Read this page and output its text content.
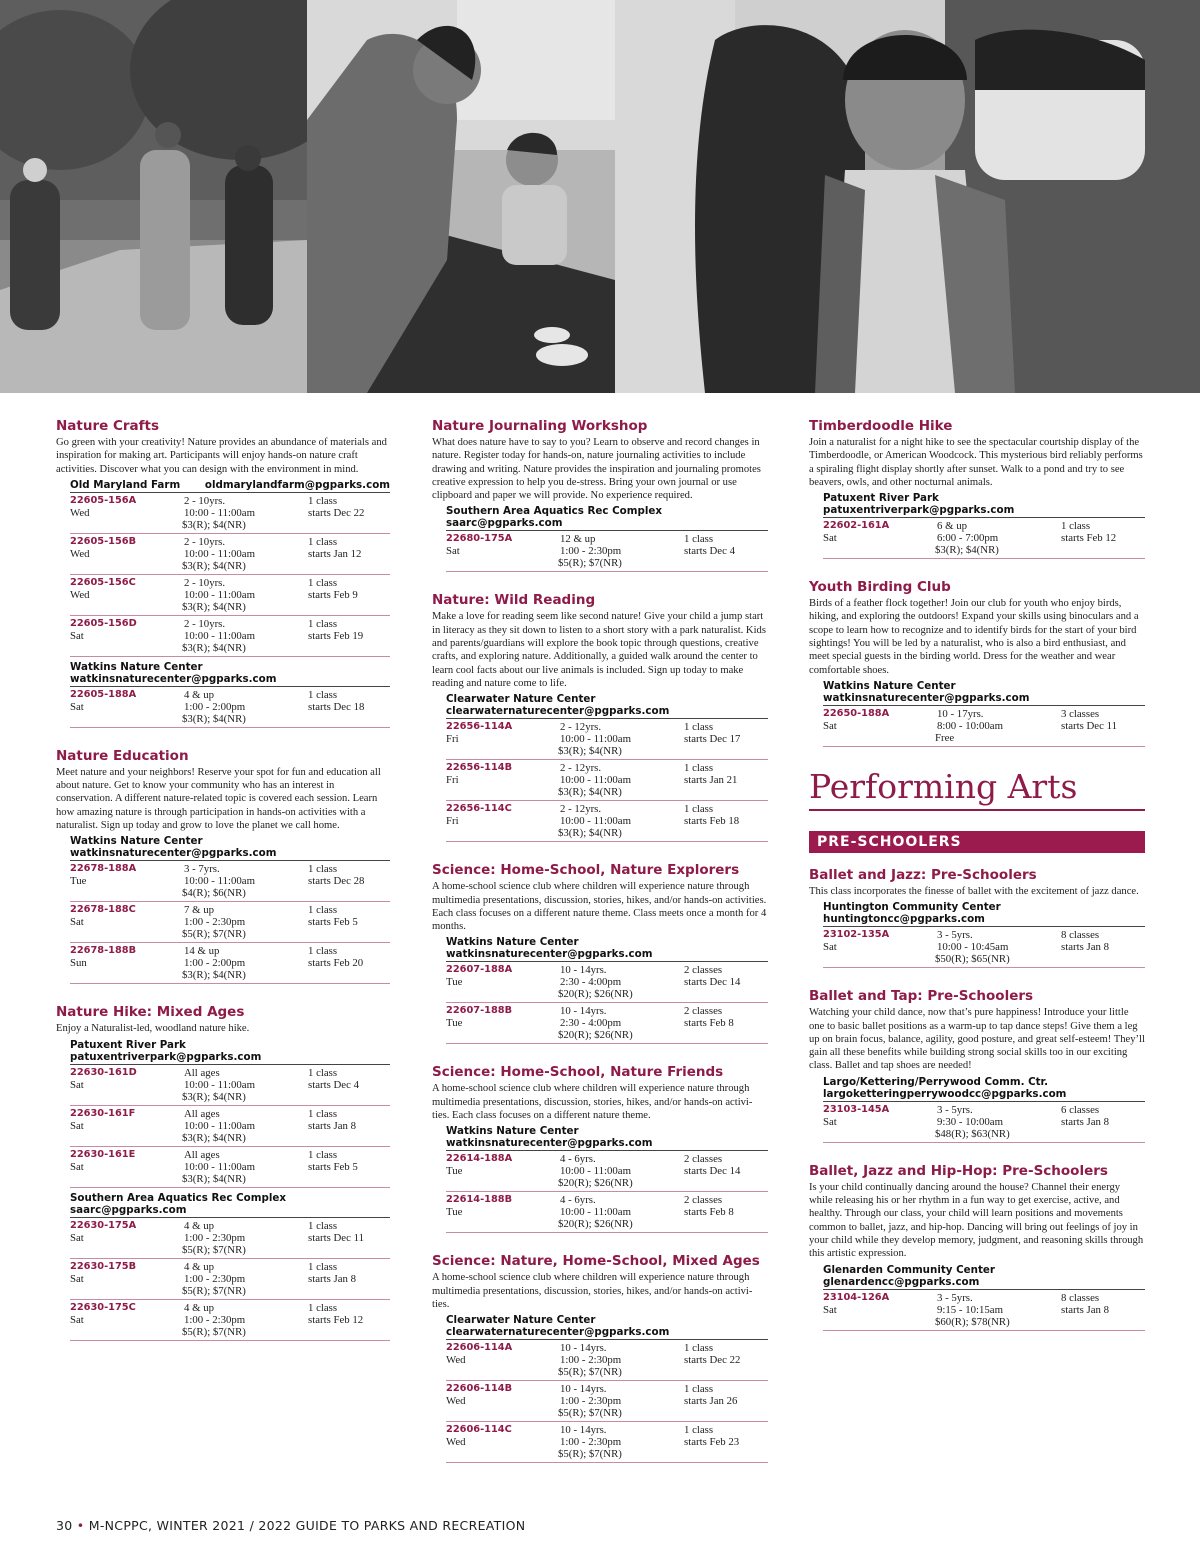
Nature Crafts
Go green with your creativity! Nature provides an abundance of materials and inspiration for making art. Participants will enjoy hands-on nature craft activities. Discover what you can design with the environment in mind.
Old Maryland Farm oldmarylandfarm@pgparks.com
22605-156A	2 - 10yrs.	1 class
Wed	10:00 - 11:00am	starts Dec 22
$3(R); $4(NR)
22605-156B	2 - 10yrs.	1 class
Wed	10:00 - 11:00am	starts Jan 12
$3(R); $4(NR)
22605-156C	2 - 10yrs.	1 class
Wed	10:00 - 11:00am	starts Feb 9
$3(R); $4(NR)
22605-156D	2 - 10yrs.	1 class
Sat	10:00 - 11:00am	starts Feb 19
$3(R); $4(NR)
Watkins Nature Center
watkinsnaturecenter@pgparks.com
22605-188A	4 & up	1 class
Sat	1:00 - 2:00pm	starts Dec 18
$3(R); $4(NR)
Nature Education
Meet nature and your neighbors! Reserve your spot for fun and education all about nature. Get to know your community who has an interest in conservation. A different nature-related topic is covered each session. Learn how amazing nature is through participation in hands-on activities with a naturalist. Sign up today and grow to love the planet we call home.
Watkins Nature Center
watkinsnaturecenter@pgparks.com
22678-188A	3 - 7yrs.	1 class
Tue	10:00 - 11:00am	starts Dec 28
$4(R); $6(NR)
22678-188C	7 & up	1 class
Sat	1:00 - 2:30pm	starts Feb 5
$5(R); $7(NR)
22678-188B	14 & up	1 class
Sun	1:00 - 2:00pm	starts Feb 20
$3(R); $4(NR)
Nature Hike: Mixed Ages
Enjoy a Naturalist-led, woodland nature hike.
Patuxent River Park
patuxentriverpark@pgparks.com
22630-161D	All ages	1 class
Sat	10:00 - 11:00am	starts Dec 4
$3(R); $4(NR)
22630-161F	All ages	1 class
Sat	10:00 - 11:00am	starts Jan 8
$3(R); $4(NR)
22630-161E	All ages	1 class
Sat	10:00 - 11:00am	starts Feb 5
$3(R); $4(NR)
Southern Area Aquatics Rec Complex
saarc@pgparks.com
22630-175A	4 & up	1 class
Sat	1:00 - 2:30pm	starts Dec 11
$5(R); $7(NR)
22630-175B	4 & up	1 class
Sat	1:00 - 2:30pm	starts Jan 8
$5(R); $7(NR)
22630-175C	4 & up	1 class
Sat	1:00 - 2:30pm	starts Feb 12
$5(R); $7(NR)
Nature Journaling Workshop
What does nature have to say to you? Learn to observe and record changes in nature. Register today for hands-on, nature journaling activities to include drawing and writing. Nature provides the inspiration and journaling promotes creative expression to help you de-stress. Bring your own journal or use clipboard and paper we will provide. No experience required.
Southern Area Aquatics Rec Complex
saarc@pgparks.com
22680-175A	12 & up	1 class
Sat	1:00 - 2:30pm	starts Dec 4
$5(R); $7(NR)
Nature: Wild Reading
Make a love for reading seem like second nature! Give your child a jump start in literacy as they sit down to listen to a short story with a park naturalist. Kids and parents/guardians will explore the book topic through questions, creative crafts, and exploring nature. Additionally, a guided walk around the center to learn cool facts about our live animals is included. Sign up today to make reading and nature come to life.
Clearwater Nature Center
clearwaternaturecenter@pgparks.com
22656-114A	2 - 12yrs.	1 class
Fri	10:00 - 11:00am	starts Dec 17
$3(R); $4(NR)
22656-114B	2 - 12yrs.	1 class
Fri	10:00 - 11:00am	starts Jan 21
$3(R); $4(NR)
22656-114C	2 - 12yrs.	1 class
Fri	10:00 - 11:00am	starts Feb 18
$3(R); $4(NR)
Science: Home-School, Nature Explorers
A home-school science club where children will experience nature through multimedia presentations, discussion, stories, hikes, and/or hands-on activities. Each class focuses on a different nature theme. Class meets once a month for 4 months.
Watkins Nature Center
watkinsnaturecenter@pgparks.com
22607-188A	10 - 14yrs.	2 classes
Tue	2:30 - 4:00pm	starts Dec 14
$20(R); $26(NR)
22607-188B	10 - 14yrs.	2 classes
Tue	2:30 - 4:00pm	starts Feb 8
$20(R); $26(NR)
Science: Home-School, Nature Friends
A home-school science club where children will experience nature through multimedia presentations, discussion, stories, hikes, and/or hands-on activi-ties. Each class focuses on a different nature theme.
Watkins Nature Center
watkinsnaturecenter@pgparks.com
22614-188A	4 - 6yrs.	2 classes
Tue	10:00 - 11:00am	starts Dec 14
$20(R); $26(NR)
22614-188B	4 - 6yrs.	2 classes
Tue	10:00 - 11:00am	starts Feb 8
$20(R); $26(NR)
Science: Nature, Home-School, Mixed Ages
A home-school science club where children will experience nature through multimedia presentations, discussion, stories, hikes, and/or hands-on activi-ties.
Clearwater Nature Center
clearwaternaturecenter@pgparks.com
22606-114A	10 - 14yrs.	1 class
Wed	1:00 - 2:30pm	starts Dec 22
$5(R); $7(NR)
22606-114B	10 - 14yrs.	1 class
Wed	1:00 - 2:30pm	starts Jan 26
$5(R); $7(NR)
22606-114C	10 - 14yrs.	1 class
Wed	1:00 - 2:30pm	starts Feb 23
$5(R); $7(NR)
Timberdoodle Hike
Join a naturalist for a night hike to see the spectacular courtship display of the Timberdoodle, or American Woodcock. This mysterious bird reliably performs a spiraling flight display shortly after sunset. Walk to a pond and try to see beavers, owls, and other nocturnal animals.
Patuxent River Park
patuxentriverpark@pgparks.com
22602-161A	6 & up	1 class
Sat	6:00 - 7:00pm	starts Feb 12
$3(R); $4(NR)
Youth Birding Club
Birds of a feather flock together! Join our club for youth who enjoy birds, hiking, and exploring the outdoors! Expand your skills using binoculars and a scope to learn how to recognize and to identify birds for the start of your bird sightings! You will be led by a naturalist, who is also a bird enthusiast, and meet special guests in the birding world. Dress for the weather and wear comfortable shoes.
Watkins Nature Center
watkinsnaturecenter@pgparks.com
22650-188A	10 - 17yrs.	3 classes
Sat	8:00 - 10:00am	starts Dec 11
Free
Performing Arts
PRE-SCHOOLERS
Ballet and Jazz: Pre-Schoolers
This class incorporates the finesse of ballet with the excitement of jazz dance.
Huntington Community Center
huntingtoncc@pgparks.com
23102-135A	3 - 5yrs.	8 classes
Sat	10:00 - 10:45am	starts Jan 8
$50(R); $65(NR)
Ballet and Tap: Pre-Schoolers
Watching your child dance, now that’s pure happiness! Introduce your little one to basic ballet positions as a warm-up to tap dance steps! Give them a leg up on brain focus, balance, agility, good posture, and great self-esteem! They’ll gain all these benefits while building strong social skills too in our exciting class. Ballet and tap shoes are needed!
Largo/Kettering/Perrywood Comm. Ctr.
largoketteringperrywoodcc@pgparks.com
23103-145A	3 - 5yrs.	6 classes
Sat	9:30 - 10:00am	starts Jan 8
$48(R); $63(NR)
Ballet, Jazz and Hip-Hop: Pre-Schoolers
Is your child continually dancing around the house? Channel their energy while releasing his or her rhythm in a fun way to get exercise, active, and healthy. Through our class, your child will learn positions and movements common to ballet, jazz, and hip-hop. Dancing will bring out feelings of joy in your child while they develop memory, judgment, and reasoning skills through this artistic expression.
Glenarden Community Center
glenardencc@pgparks.com
23104-126A	3 - 5yrs.	8 classes
Sat	9:15 - 10:15am	starts Jan 8
$60(R); $78(NR)
30 • M-NCPPC, WINTER 2021 / 2022 GUIDE TO PARKS AND RECREATION
